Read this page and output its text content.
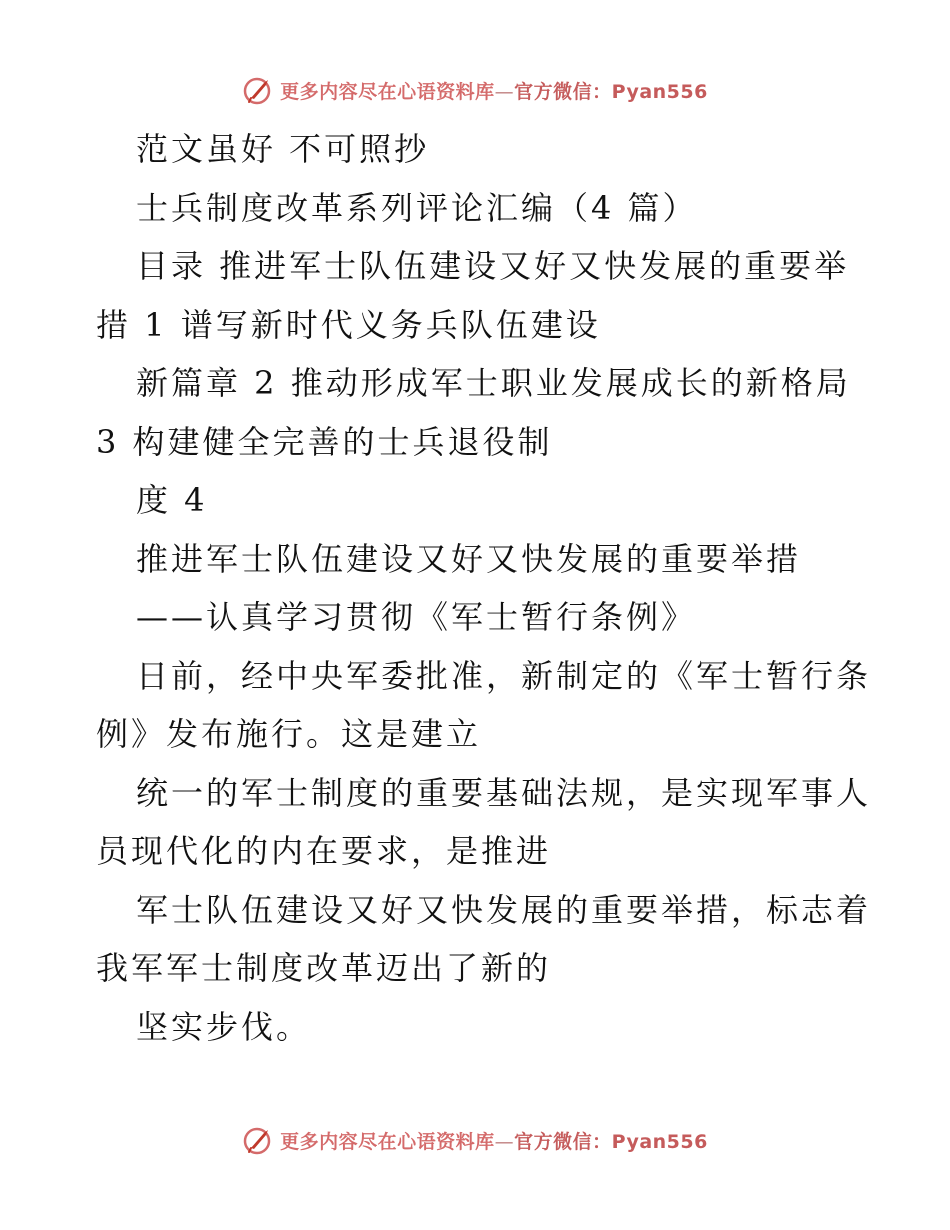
更多内容尽在心语资料库—官方微信：Pyan556
范文虽好 不可照抄
士兵制度改革系列评论汇编（4 篇）
目录 推进军士队伍建设又好又快发展的重要举
措 1 谱写新时代义务兵队伍建设
新篇章 2 推动形成军士职业发展成长的新格局
3 构建健全完善的士兵退役制
度 4
推进军士队伍建设又好又快发展的重要举措
——认真学习贯彻《军士暂行条例》
日前，经中央军委批准，新制定的《军士暂行条
例》发布施行。这是建立
统一的军士制度的重要基础法规，是实现军事人
员现代化的内在要求，是推进
军士队伍建设又好又快发展的重要举措，标志着
我军军士制度改革迈出了新的
坚实步伐。
更多内容尽在心语资料库—官方微信：Pyan556
